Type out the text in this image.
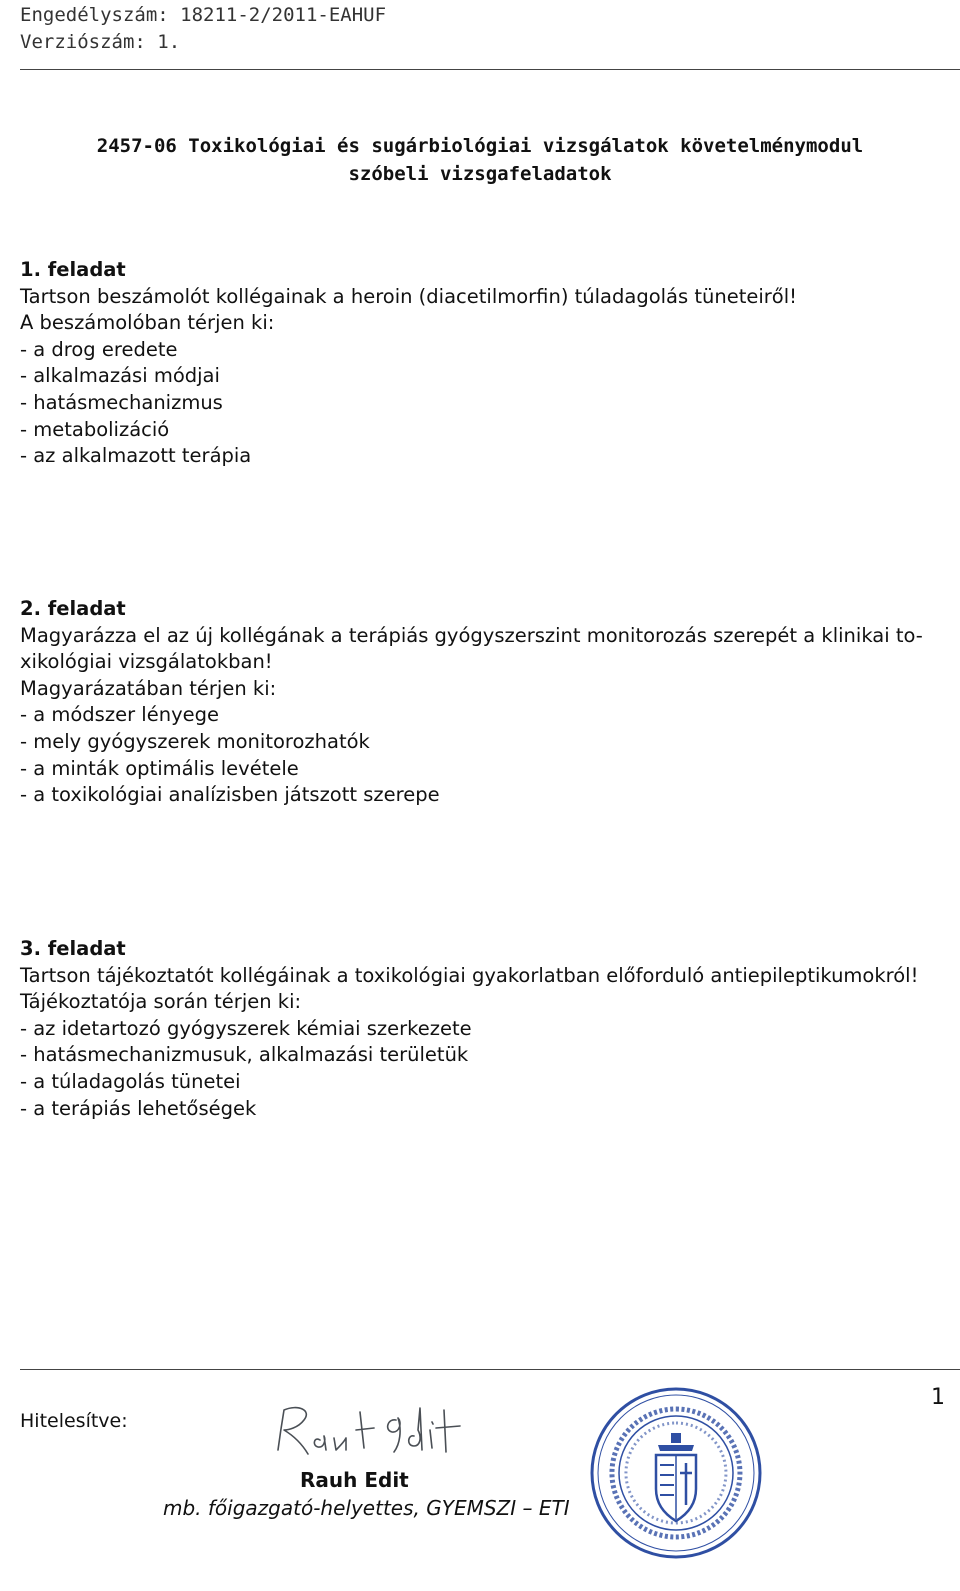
Engedélyszám: 18211-2/2011-EAHUF
Verziószám: 1.
2457-06 Toxikológiai és sugárbiológiai vizsgálatok követelménymodul
szóbeli vizsgafeladatok
1. feladat

Tartson beszámolót kollégainak a heroin (diacetilmorfin) túladagolás tüneteiről!

A beszámolóban térjen ki:

- a drog eredete
- alkalmazási módjai
- hatásmechanizmus
- metabolizáció
- az alkalmazott terápia
2. feladat

Magyarázza el az új kollégának a terápiás gyógyszerszint monitorozás szerepét a klinikai to-xikológiai vizsgálatokban!

Magyarázatában térjen ki:

- a módszer lényege
- mely gyógyszerek monitorozhatók
- a minták optimális levétele
- a toxikológiai analízisben játszott szerepe
3. feladat

Tartson tájékoztatót kollégáinak a toxikológiai gyakorlatban előforduló antiepileptikumokról!

Tájékoztatója során térjen ki:

- az idetartozó gyógyszerek kémiai szerkezete
- hatásmechanizmusuk, alkalmazási területük
- a túladagolás tünetei
- a terápiás lehetőségek
1
Hitelesítve:
Rauh Edit
mb. főigazgató-helyettes, GYEMSZI – ETI
